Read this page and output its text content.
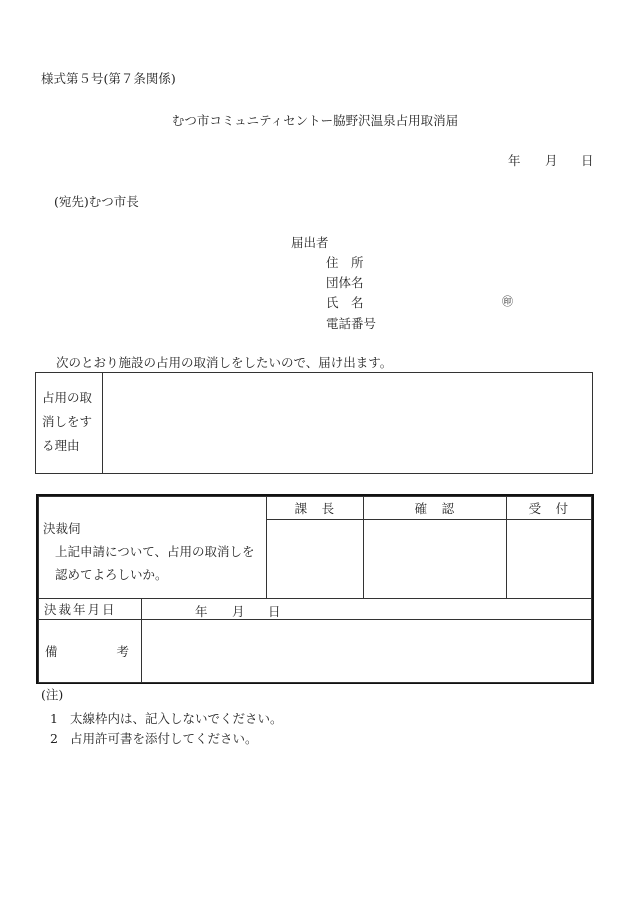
様式第５号(第７条関係)
むつ市コミュニティセントー脇野沢温泉占用取消届
年 月 日
(宛先)むつ市長
届出者
住　所
団体名
氏　名	㊞
電話番号
次のとおり施設の占用の取消しをしたいので、届け出ます。
占用の取消しをする理由	
決裁伺
上記申請について、占用の取消しを認めてよろしいか。		課　長	確　認	受　付

決裁年月日	年 月 日			

備 考				

(注)
1 太線枠内は、記入しないでください。
2 占用許可書を添付してください。
